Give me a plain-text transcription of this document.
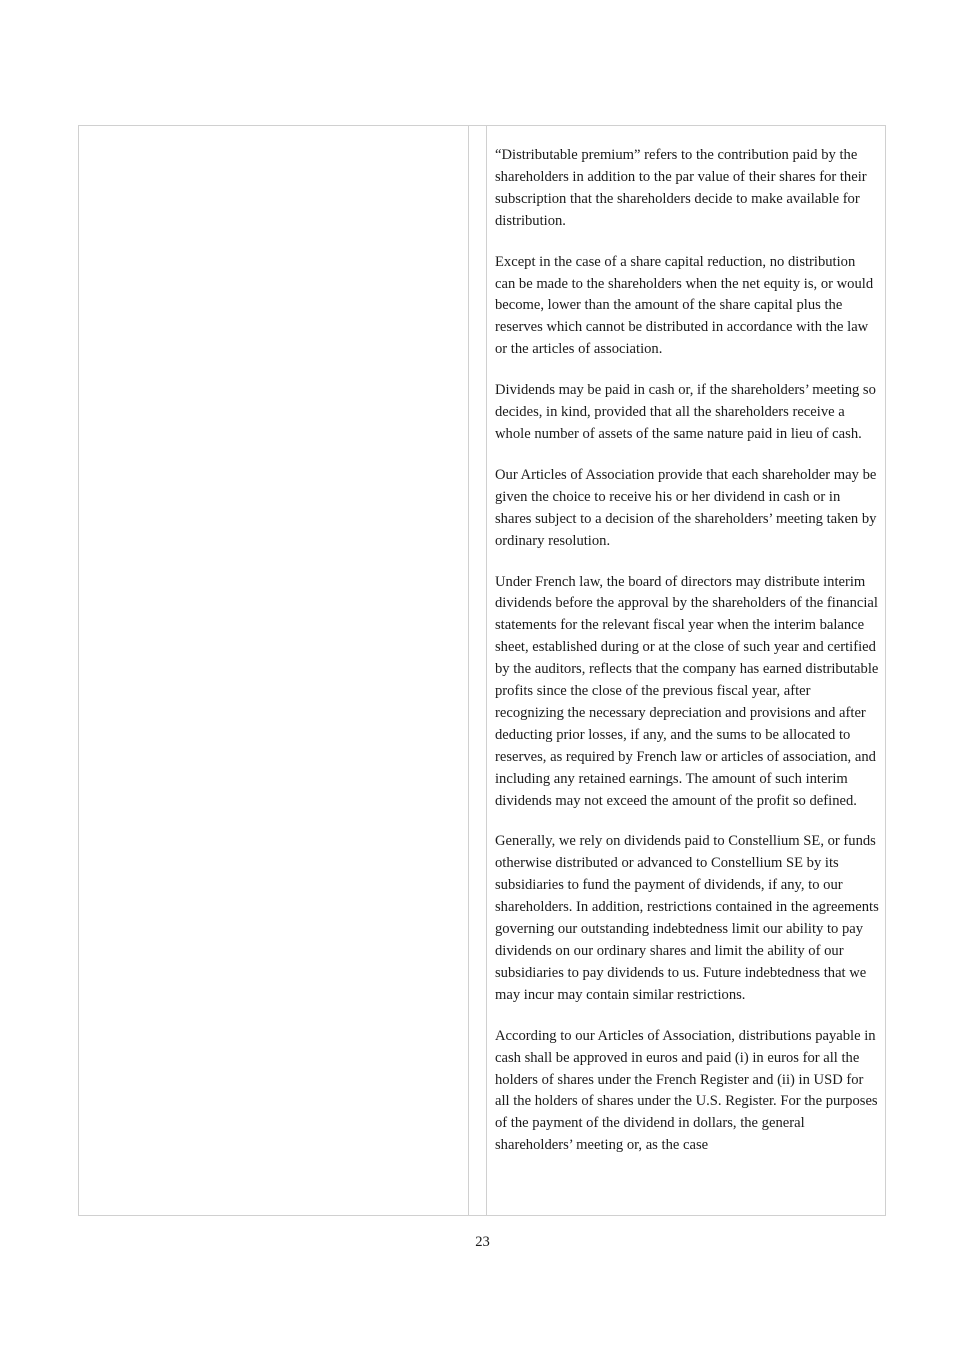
“Distributable premium” refers to the contribution paid by the shareholders in addition to the par value of their shares for their subscription that the shareholders decide to make available for distribution.

Except in the case of a share capital reduction, no distribution can be made to the shareholders when the net equity is, or would become, lower than the amount of the share capital plus the reserves which cannot be distributed in accordance with the law or the articles of association.

Dividends may be paid in cash or, if the shareholders’ meeting so decides, in kind, provided that all the shareholders receive a whole number of assets of the same nature paid in lieu of cash.

Our Articles of Association provide that each shareholder may be given the choice to receive his or her dividend in cash or in shares subject to a decision of the shareholders’ meeting taken by ordinary resolution.

Under French law, the board of directors may distribute interim dividends before the approval by the shareholders of the financial statements for the relevant fiscal year when the interim balance sheet, established during or at the close of such year and certified by the auditors, reflects that the company has earned distributable profits since the close of the previous fiscal year, after recognizing the necessary depreciation and provisions and after deducting prior losses, if any, and the sums to be allocated to reserves, as required by French law or articles of association, and including any retained earnings. The amount of such interim dividends may not exceed the amount of the profit so defined.

Generally, we rely on dividends paid to Constellium SE, or funds otherwise distributed or advanced to Constellium SE by its subsidiaries to fund the payment of dividends, if any, to our shareholders. In addition, restrictions contained in the agreements governing our outstanding indebtedness limit our ability to pay dividends on our ordinary shares and limit the ability of our subsidiaries to pay dividends to us. Future indebtedness that we may incur may contain similar restrictions.

According to our Articles of Association, distributions payable in cash shall be approved in euros and paid (i) in euros for all the holders of shares under the French Register and (ii) in USD for all the holders of shares under the U.S. Register. For the purposes of the payment of the dividend in dollars, the general shareholders’ meeting or, as the case

23
